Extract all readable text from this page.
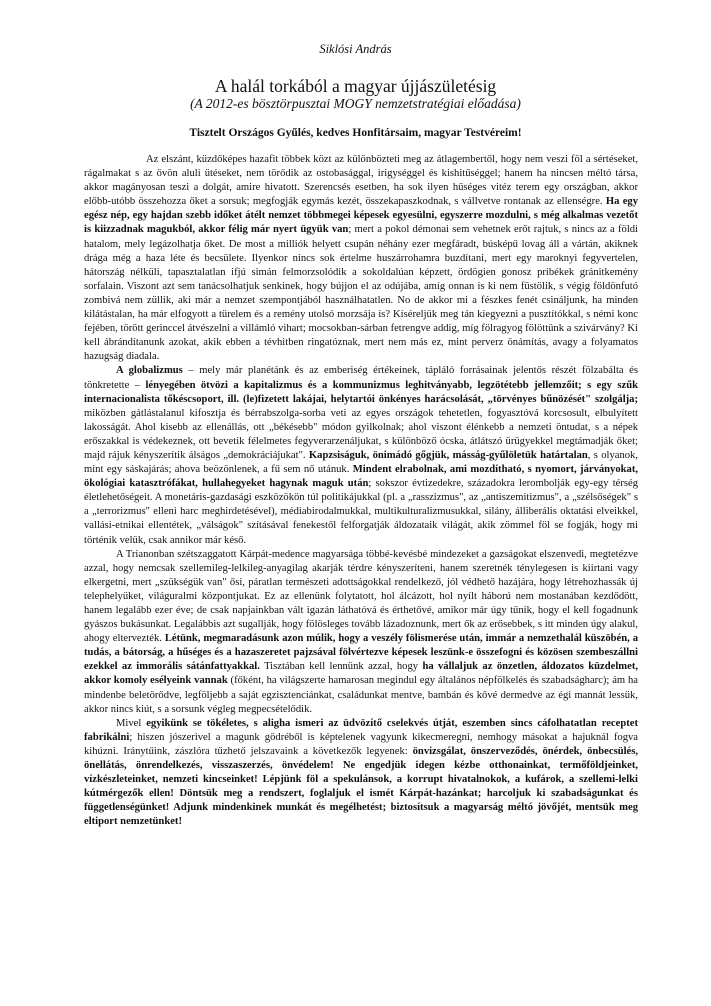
Siklósi András
A halál torkából a magyar újjászületésig
(A 2012-es bösztörpusztai MOGY nemzetstratégiai előadása)
Tisztelt Országos Gyűlés, kedves Honfitársaim, magyar Testvéreim!

Az elszánt, küzdőképes hazafit többek közt az különbözteti meg az átlagembertől, hogy nem veszi föl a sértéseket, rágalmakat s az övön aluli ütéseket, nem törődik az ostobasággal, irigységgel és kishitűséggel; hanem ha nincsen méltó társa, akkor magányosan teszi a dolgát, amire hivatott. Szerencsés esetben, ha sok ilyen hűséges vitéz terem egy országban, akkor előbb-utóbb összehozza őket a sorsuk; megfogják egymás kezét, összekapaszkodnak, s vállvetve rontanak az ellenségre. Ha egy egész nép, egy hajdan szebb időket átélt nemzet többmegei képesek egyesülni, egyszerre mozdulni, s még alkalmas vezetőt is kiizzadnak magukból, akkor félig már nyert ügyük van; mert a pokol démonai sem vehetnek erőt rajtuk, s nincs az a földi hatalom, mely legázolhatja őket. De most a milliók helyett csupán néhány ezer megfáradt, búsképű lovag áll a vártán, akiknek drága még a haza léte és becsülete. Ilyenkor nincs sok értelme huszárrohamra buzdítani, mert egy maroknyi fegyvertelen, hátország nélküli, tapasztalatlan ifjú simán felmorzsolódik a sokoldalúan képzett, ördögien gonosz pribékek gránitkemény sorfalain. Viszont azt sem tanácsolhatjuk senkinek, hogy bújjon el az odújába, amíg onnan is ki nem füstölik, s végig földönfutó zombivá nem züllik, aki már a nemzet szempontjából használhatatlen. No de akkor mi a fészkes fenét csináljunk, ha minden kilátástalan, ha már elfogyott a türelem és a remény utolsó morzsája is? Kíséreljük meg tán kiegyezni a pusztítókkal, s némi konc fejében, törött gerinccel átvészelni a villámló vihart; mocsokban-sárban fetrengve addig, míg fölragyog fölöttünk a szivárvány? Ki kell ábrándítanunk azokat, akik ebben a tévhitben ringatóznak, mert nem más ez, mint perverz önámítás, avagy a folyamatos hazugság diadala.

A globalizmus – mely már planétánk és az emberiség értékeinek, tápláló forrásainak jelentős részét fölzabálta és tönkretette – lényegében ötvözi a kapitalizmus és a kommunizmus leghitványabb, legzötétebb jellemzőit; s egy szűk internacionalista tőkéscsoport, ill. (le)fizetett lakájai, helytartói önkényes harácsolását, „törvényes bűnözését" szolgálja; miközben gátlástalanul kifosztja és bérrabszolga-sorba veti az egyes országok tehetetlen, fogyasztóvá korcsosult, elbulyített lakosságát. Ahol kisebb az ellenállás, ott „békésebb" módon gyilkolnak; ahol viszont élénkebb a nemzeti öntudat, s a népek erőszakkal is védekeznek, ott bevetik félelmetes fegyverarzenáljukat, s különböző ócska, átlátszó ürügyekkel megtámadják őket; majd rájuk kényszerítik álságos „demokráciájukat". Kapzsiságuk, önimádó gőgjük, másság-gyűlöletük határtalan, s olyanok, mint egy sáskajárás; ahova beözönlenek, a fű sem nő utánuk. Mindent elrabolnak, ami mozdítható, s nyomort, járványokat, ökológiai katasztrófákat, hullahegyeket hagynak maguk után; sokszor évtizedekre, századokra lerombolják egy-egy térség életlehetőségeit. A monetáris-gazdasági eszközökön túl politikájukkal (pl. a „rasszizmus", az „antiszemitizmus", a „szélsőségek" s a „terrorizmus" elleni harc meghirdetésével), médiabirodalmukkal, multikulturalizmusukkal, silány, álliberális oktatási elveikkel, vallási-etnikai ellentétek, „válságok" szításával fenekestől felforgatják áldozataik világát, akik zömmel föl se fogják, hogy mi történik velük, csak annikor már késő.

A Trianonban szétszaggatott Kárpát-medence magyarsága többé-kevésbé mindezeket a gazságokat elszenvedi, megtetézve azzal, hogy nemcsak szellemileg-lelkileg-anyagilag akarják térdre kényszeríteni, hanem szeretnék ténylegesen is kiirtani vagy elkergetni, mert „szükségük van" ősi, páratlan természeti adottságokkal rendelkező, jól védhető hazájára, hogy létrehozhassák új telephelyüket, világuralmi központjukat. Ez az ellenünk folytatott, hol álcázott, hol nyílt háború nem mostanában kezdődött, hanem legalább ezer éve; de csak napjainkban vált igazán láthatóvá és érthetővé, amikor már úgy tűnik, hogy el kell fogadnunk gyászos bukásunkat. Legalábbis azt sugallják, hogy fölösleges tovább lázadoznunk, mert ők az erősebbek, s itt minden úgy alakul, ahogy eltervezték. Létünk, megmaradásunk azon múlik, hogy a veszély fölismerése után, immár a nemzethalál küszöbén, a tudás, a bátorság, a hűséges és a hazaszeretet pajzsával fölvértezve képesek leszünk-e összefogni és közösen szembeszállni ezekkel az immorális sátánfattyakkal. Tisztában kell lennünk azzal, hogy ha vállaljuk az önzetlen, áldozatos küzdelmet, akkor komoly esélyeink vannak (főként, ha világszerte hamarosan megindul egy általános népfölkelés és szabadságharc); ám ha mindenbe beletörődve, legföljebb a saját egzisztenciánkat, családunkat mentve, bambán és kővé dermedve az égi mannát lessük, akkor nincs kiút, s a sorsunk végleg megpecsételődik.

Mivel egyikünk se tökéletes, s aligha ismeri az üdvözítő cselekvés útját, eszemben sincs cáfolhatatlan receptet fabrikálni; hiszen jószerivel a magunk gödréből is képtelenek vagyunk kikecmeregni, nemhogy másokat a hajuknál fogva kihúzni. Iránytűink, zászlóra tűzhető jelszavaink a következők legyenek: önvizsgálat, önszerveződés, önérdek, önbecsülés, önellátás, önrendelkezés, visszaszerzés, önvédelem! Ne engedjük idegen kézbe otthonainkat, termőföldjeinket, vízkészleteinket, nemzeti kincseinket! Lépjünk föl a spekulánsok, a korrupt hivatalnokok, a kufárok, a szellemi-lelki kútmérgezők ellen! Döntsük meg a rendszert, foglaljuk el ismét Kárpát-hazánkat; harcoljuk ki szabadságunkat és függetlenségünket! Adjunk mindenkinek munkát és megélhetést; biztosítsuk a magyarság méltó jövőjét, mentsük meg eltiport nemzetünket!
